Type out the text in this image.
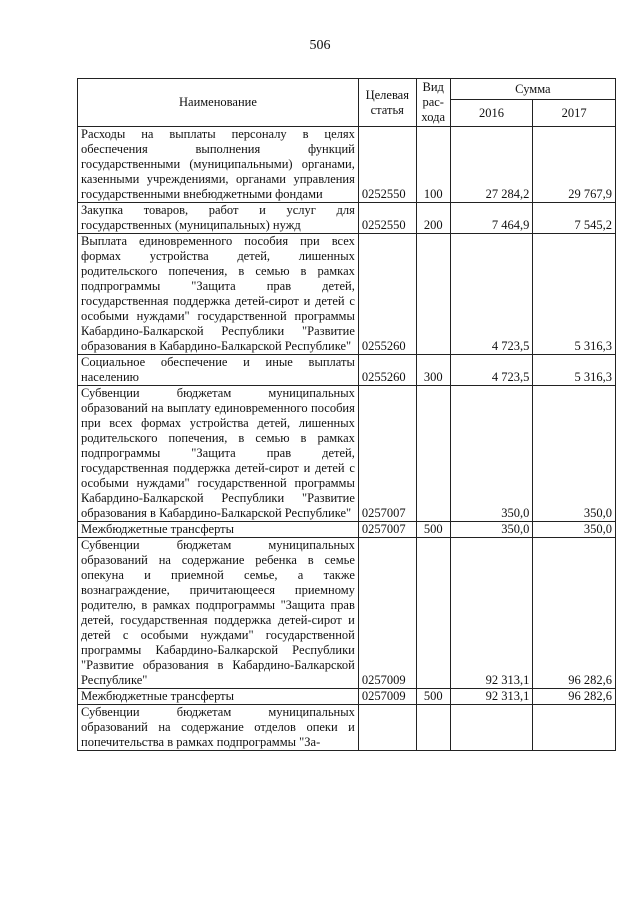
506
Наименование	Целевая статья	Вид рас-хода	Сумма	
			2016	2017
Расходы на выплаты персоналу в целях обеспечения выполнения функций государственными (муниципальными) органами, казенными учреждениями, органами управления государственными внебюджетными фондами	0252550	100	27 284,2	29 767,9
Закупка товаров, работ и услуг для государственных (муниципальных) нужд	0252550	200	7 464,9	7 545,2
Выплата единовременного пособия при всех формах устройства детей, лишенных родительского попечения, в семью в рамках подпрограммы "Защита прав детей, государственная поддержка детей-сирот и детей с особыми нуждами" государственной программы Кабардино-Балкарской Республики "Развитие образования в Кабардино-Балкарской Республике"	0255260		4 723,5	5 316,3
Социальное обеспечение и иные выплаты населению	0255260	300	4 723,5	5 316,3
Субвенции бюджетам муниципальных образований на выплату единовременного пособия при всех формах устройства детей, лишенных родительского попечения, в семью в рамках подпрограммы "Защита прав детей, государственная поддержка детей-сирот и детей с особыми нуждами" государственной программы Кабардино-Балкарской Республики "Развитие образования в Кабардино-Балкарской Республике"	0257007		350,0	350,0
Межбюджетные трансферты	0257007	500	350,0	350,0
Субвенции бюджетам муниципальных образований на содержание ребенка в семье опекуна и приемной семье, а также вознаграждение, причитающееся приемному родителю, в рамках подпрограммы "Защита прав детей, государственная поддержка детей-сирот и детей с особыми нуждами" государственной программы Кабардино-Балкарской Республики "Развитие образования в Кабардино-Балкарской Республике"	0257009		92 313,1	96 282,6
Межбюджетные трансферты	0257009	500	92 313,1	96 282,6
Субвенции бюджетам муниципальных образований на содержание отделов опеки и попечительства в рамках подпрограммы "За-				
